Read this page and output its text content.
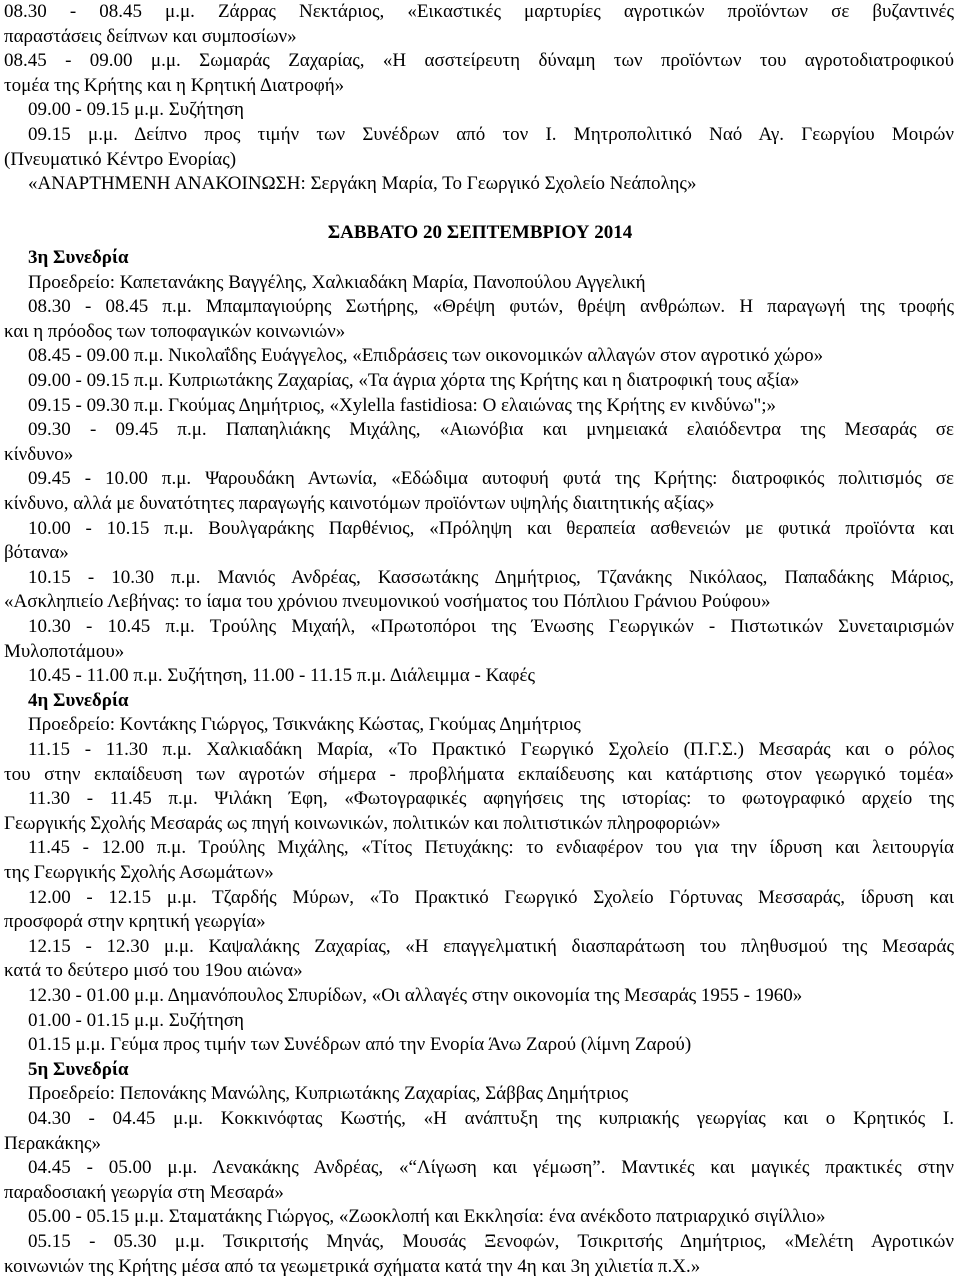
08.30 - 08.45 μ.μ. Ζάρρας Νεκτάριος, «Εικαστικές μαρτυρίες αγροτικών προϊόντων σε βυζαντινές
παραστάσεις δείπνων και συμποσίων»
08.45 - 09.00 μ.μ. Σωμαράς Ζαχαρίας, «Η ασστείρευτη δύναμη των προϊόντων του αγροτοδιατροφικού
τομέα της Κρήτης και η Κρητική Διατροφή»
09.00 - 09.15 μ.μ. Συζήτηση
09.15 μ.μ. Δείπνο προς τιμήν των Συνέδρων από τον Ι. Μητροπολιτικό Ναό Αγ. Γεωργίου Μοιρών
(Πνευματικό Κέντρο Ενορίας)
«ΑΝΑΡΤΗΜΕΝΗ ΑΝΑΚΟΙΝΩΣΗ: Σεργάκη Μαρία, Το Γεωργικό Σχολείο Νεάπολης»
ΣΑΒΒΑΤΟ 20 ΣΕΠΤΕΜΒΡΙΟΥ 2014
3η Συνεδρία
Προεδρείο: Καπετανάκης Βαγγέλης, Χαλκιαδάκη Μαρία, Πανοπούλου Αγγελική
08.30 - 08.45 π.μ. Μπαμπαγιούρης Σωτήρης, «Θρέψη φυτών, θρέψη ανθρώπων. Η παραγωγή της τροφής
και η πρόοδος των τοποφαγικών κοινωνιών»
08.45 - 09.00 π.μ. Νικολαΐδης Ευάγγελος, «Επιδράσεις των οικονομικών αλλαγών στον αγροτικό χώρο»
09.00 - 09.15 π.μ. Κυπριωτάκης Ζαχαρίας, «Τα άγρια χόρτα της Κρήτης και η διατροφική τους αξία»
09.15 - 09.30 π.μ. Γκούμας Δημήτριος, «Xylella fastidiosa: Ο ελαιώνας της Κρήτης εν κινδύνω";»
09.30 - 09.45 π.μ. Παπαηλιάκης Μιχάλης, «Αιωνόβια και μνημειακά ελαιόδεντρα της Μεσαράς σε
κίνδυνο»
09.45 - 10.00 π.μ. Ψαρουδάκη Αντωνία, «Εδώδιμα αυτοφυή φυτά της Κρήτης: διατροφικός πολιτισμός σε
κίνδυνο, αλλά με δυνατότητες παραγωγής καινοτόμων προϊόντων υψηλής διαιτητικής αξίας»
10.00 - 10.15 π.μ. Βουλγαράκης Παρθένιος, «Πρόληψη και θεραπεία ασθενειών με φυτικά προϊόντα και
βότανα»
10.15 - 10.30 π.μ. Μανιός Ανδρέας, Κασσωτάκης Δημήτριος, Τζανάκης Νικόλαος, Παπαδάκης Μάριος,
«Ασκληπιείο Λεβήνας: το ίαμα του χρόνιου πνευμονικού νοσήματος του Πόπλιου Γράνιου Ρούφου»
10.30 - 10.45 π.μ. Τρούλης Μιχαήλ, «Πρωτοπόροι της Ένωσης Γεωργικών - Πιστωτικών Συνεταιρισμών
Μυλοποτάμου»
10.45 - 11.00 π.μ. Συζήτηση, 11.00 - 11.15 π.μ. Διάλειμμα - Καφές
4η Συνεδρία
Προεδρείο: Κοντάκης Γιώργος, Τσικνάκης Κώστας, Γκούμας Δημήτριος
11.15 - 11.30 π.μ. Χαλκιαδάκη Μαρία, «Το Πρακτικό Γεωργικό Σχολείο (Π.Γ.Σ.) Μεσαράς και ο ρόλος
του στην εκπαίδευση των αγροτών σήμερα - προβλήματα εκπαίδευσης και κατάρτισης στον γεωργικό τομέα»
11.30 - 11.45 π.μ. Ψιλάκη Έφη, «Φωτογραφικές αφηγήσεις της ιστορίας: το φωτογραφικό αρχείο της
Γεωργικής Σχολής Μεσαράς ως πηγή κοινωνικών, πολιτικών και πολιτιστικών πληροφοριών»
11.45 - 12.00 π.μ. Τρούλης Μιχάλης, «Τίτος Πετυχάκης: το ενδιαφέρον του για την ίδρυση και λειτουργία
της Γεωργικής Σχολής Ασωμάτων»
12.00 - 12.15 μ.μ. Τζαρδής Μύρων, «Το Πρακτικό Γεωργικό Σχολείο Γόρτυνας Μεσσαράς, ίδρυση και
προσφορά στην κρητική γεωργία»
12.15 - 12.30 μ.μ. Καψαλάκης Ζαχαρίας, «Η επαγγελματική διασπαράτωση του πληθυσμού της Μεσαράς
κατά το δεύτερο μισό του 19ου αιώνα»
12.30 - 01.00 μ.μ. Δημανόπουλος Σπυρίδων, «Οι αλλαγές στην οικονομία της Μεσαράς 1955 - 1960»
01.00 - 01.15 μ.μ. Συζήτηση
01.15 μ.μ. Γεύμα προς τιμήν των Συνέδρων από την Ενορία Άνω Ζαρού (λίμνη Ζαρού)
5η Συνεδρία
Προεδρείο: Πεπονάκης Μανώλης, Κυπριωτάκης Ζαχαρίας, Σάββας Δημήτριος
04.30 - 04.45 μ.μ. Κοκκινόφτας Κωστής, «Η ανάπτυξη της κυπριακής γεωργίας και ο Κρητικός Ι.
Περακάκης»
04.45 - 05.00 μ.μ. Λενακάκης Ανδρέας, «“Λίγωση και γέμωση”. Μαντικές και μαγικές πρακτικές στην
παραδοσιακή γεωργία στη Μεσαρά»
05.00 - 05.15 μ.μ. Σταματάκης Γιώργος, «Ζωοκλοπή και Εκκλησία: ένα ανέκδοτο πατριαρχικό σιγίλλιο»
05.15 - 05.30 μ.μ. Τσικριτσής Μηνάς, Μουσάς Ξενοφών, Τσικριτσής Δημήτριος, «Μελέτη Αγροτικών
κοινωνιών της Κρήτης μέσα από τα γεωμετρικά σχήματα κατά την 4η και 3η χιλιετία π.Χ.»
